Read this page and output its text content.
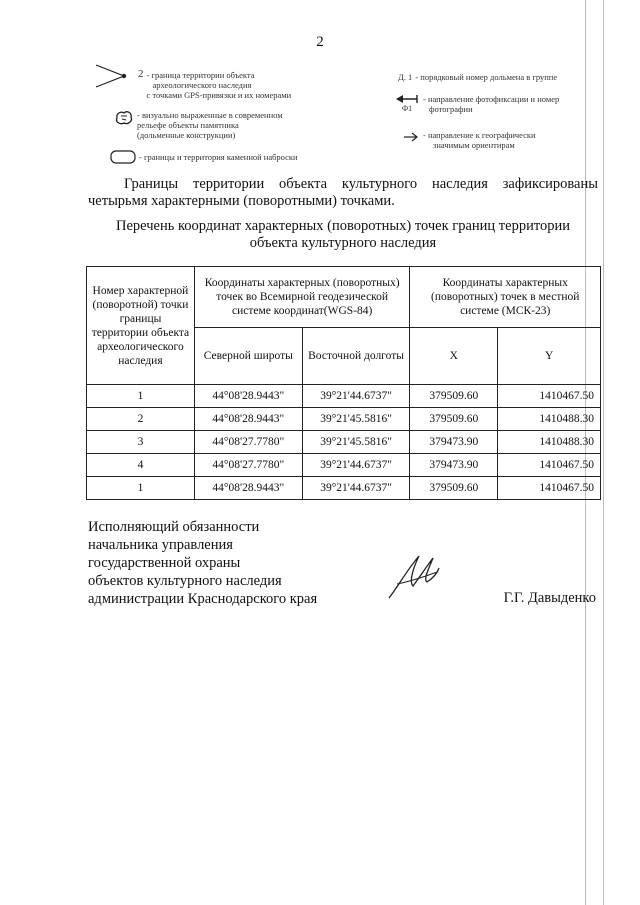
2
2 - граница территории объекта
археологического наследия
с точками GPS-привязки и их номерами
- визуально выраженные в современном
рельефе объекты памятника
(дольменные конструкции)
- границы и территория каменной наброски
Д. 1 - порядковый номер дольмена в группе
Ф1
- направление фотофиксации и номер
фотографии
- направление к географически
значимым ориентирам
Границы территории объекта культурного наследия зафиксированы четырьмя характерными (поворотными) точками.
Перечень координат характерных (поворотных) точек границ территории
объекта культурного наследия
Номер характерной (поворотной) точки границы территории объекта археологического наследия	Координаты характерных (поворотных) точек во Всемирной геодезической системе координат(WGS-84)		Координаты характерных (поворотных) точек в местной системе (МСК-23)	
	Северной широты	Восточной долготы	X	Y
1	44°08'28.9443"	39°21'44.6737"	379509.60	1410467.50
2	44°08'28.9443"	39°21'45.5816"	379509.60	1410488.30
3	44°08'27.7780"	39°21'45.5816"	379473.90	1410488.30
4	44°08'27.7780"	39°21'44.6737"	379473.90	1410467.50
1	44°08'28.9443"	39°21'44.6737"	379509.60	1410467.50
Исполняющий обязанности
начальника управления
государственной охраны
объектов культурного наследия
администрации Краснодарского края	Г.Г. Давыденко
